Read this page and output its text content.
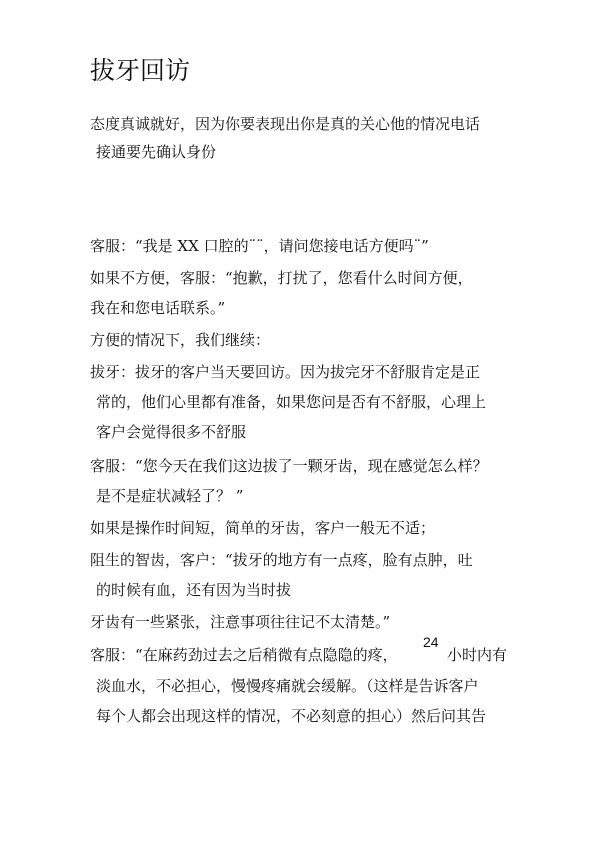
拔牙回访
态度真诚就好，因为你要表现出你是真的关心他的情况电话
接通要先确认身份
客服：“我是 XX 口腔的¨¨，请问您接电话方便吗¨”
如果不方便，客服：“抱歉，打扰了，您看什么时间方便，
我在和您电话联系。”
方便的情况下，我们继续：
拔牙：拔牙的客户当天要回访。因为拔完牙不舒服肯定是正
常的，他们心里都有准备，如果您问是否有不舒服，心理上
客户会觉得很多不舒服
客服：“您今天在我们这边拔了一颗牙齿，现在感觉怎么样？
是不是症状减轻了？ ”
如果是操作时间短，简单的牙齿，客户一般无不适；
阻生的智齿，客户：“拔牙的地方有一点疼，脸有点肿，吐
的时候有血，还有因为当时拔
牙齿有一些紧张，注意事项往往记不太清楚。”
客服：“在麻药劲过去之后稍微有点隐隐的疼，
24
小时内有
淡血水，不必担心，慢慢疼痛就会缓解。（这样是告诉客户
每个人都会出现这样的情况，不必刻意的担心）然后问其告
